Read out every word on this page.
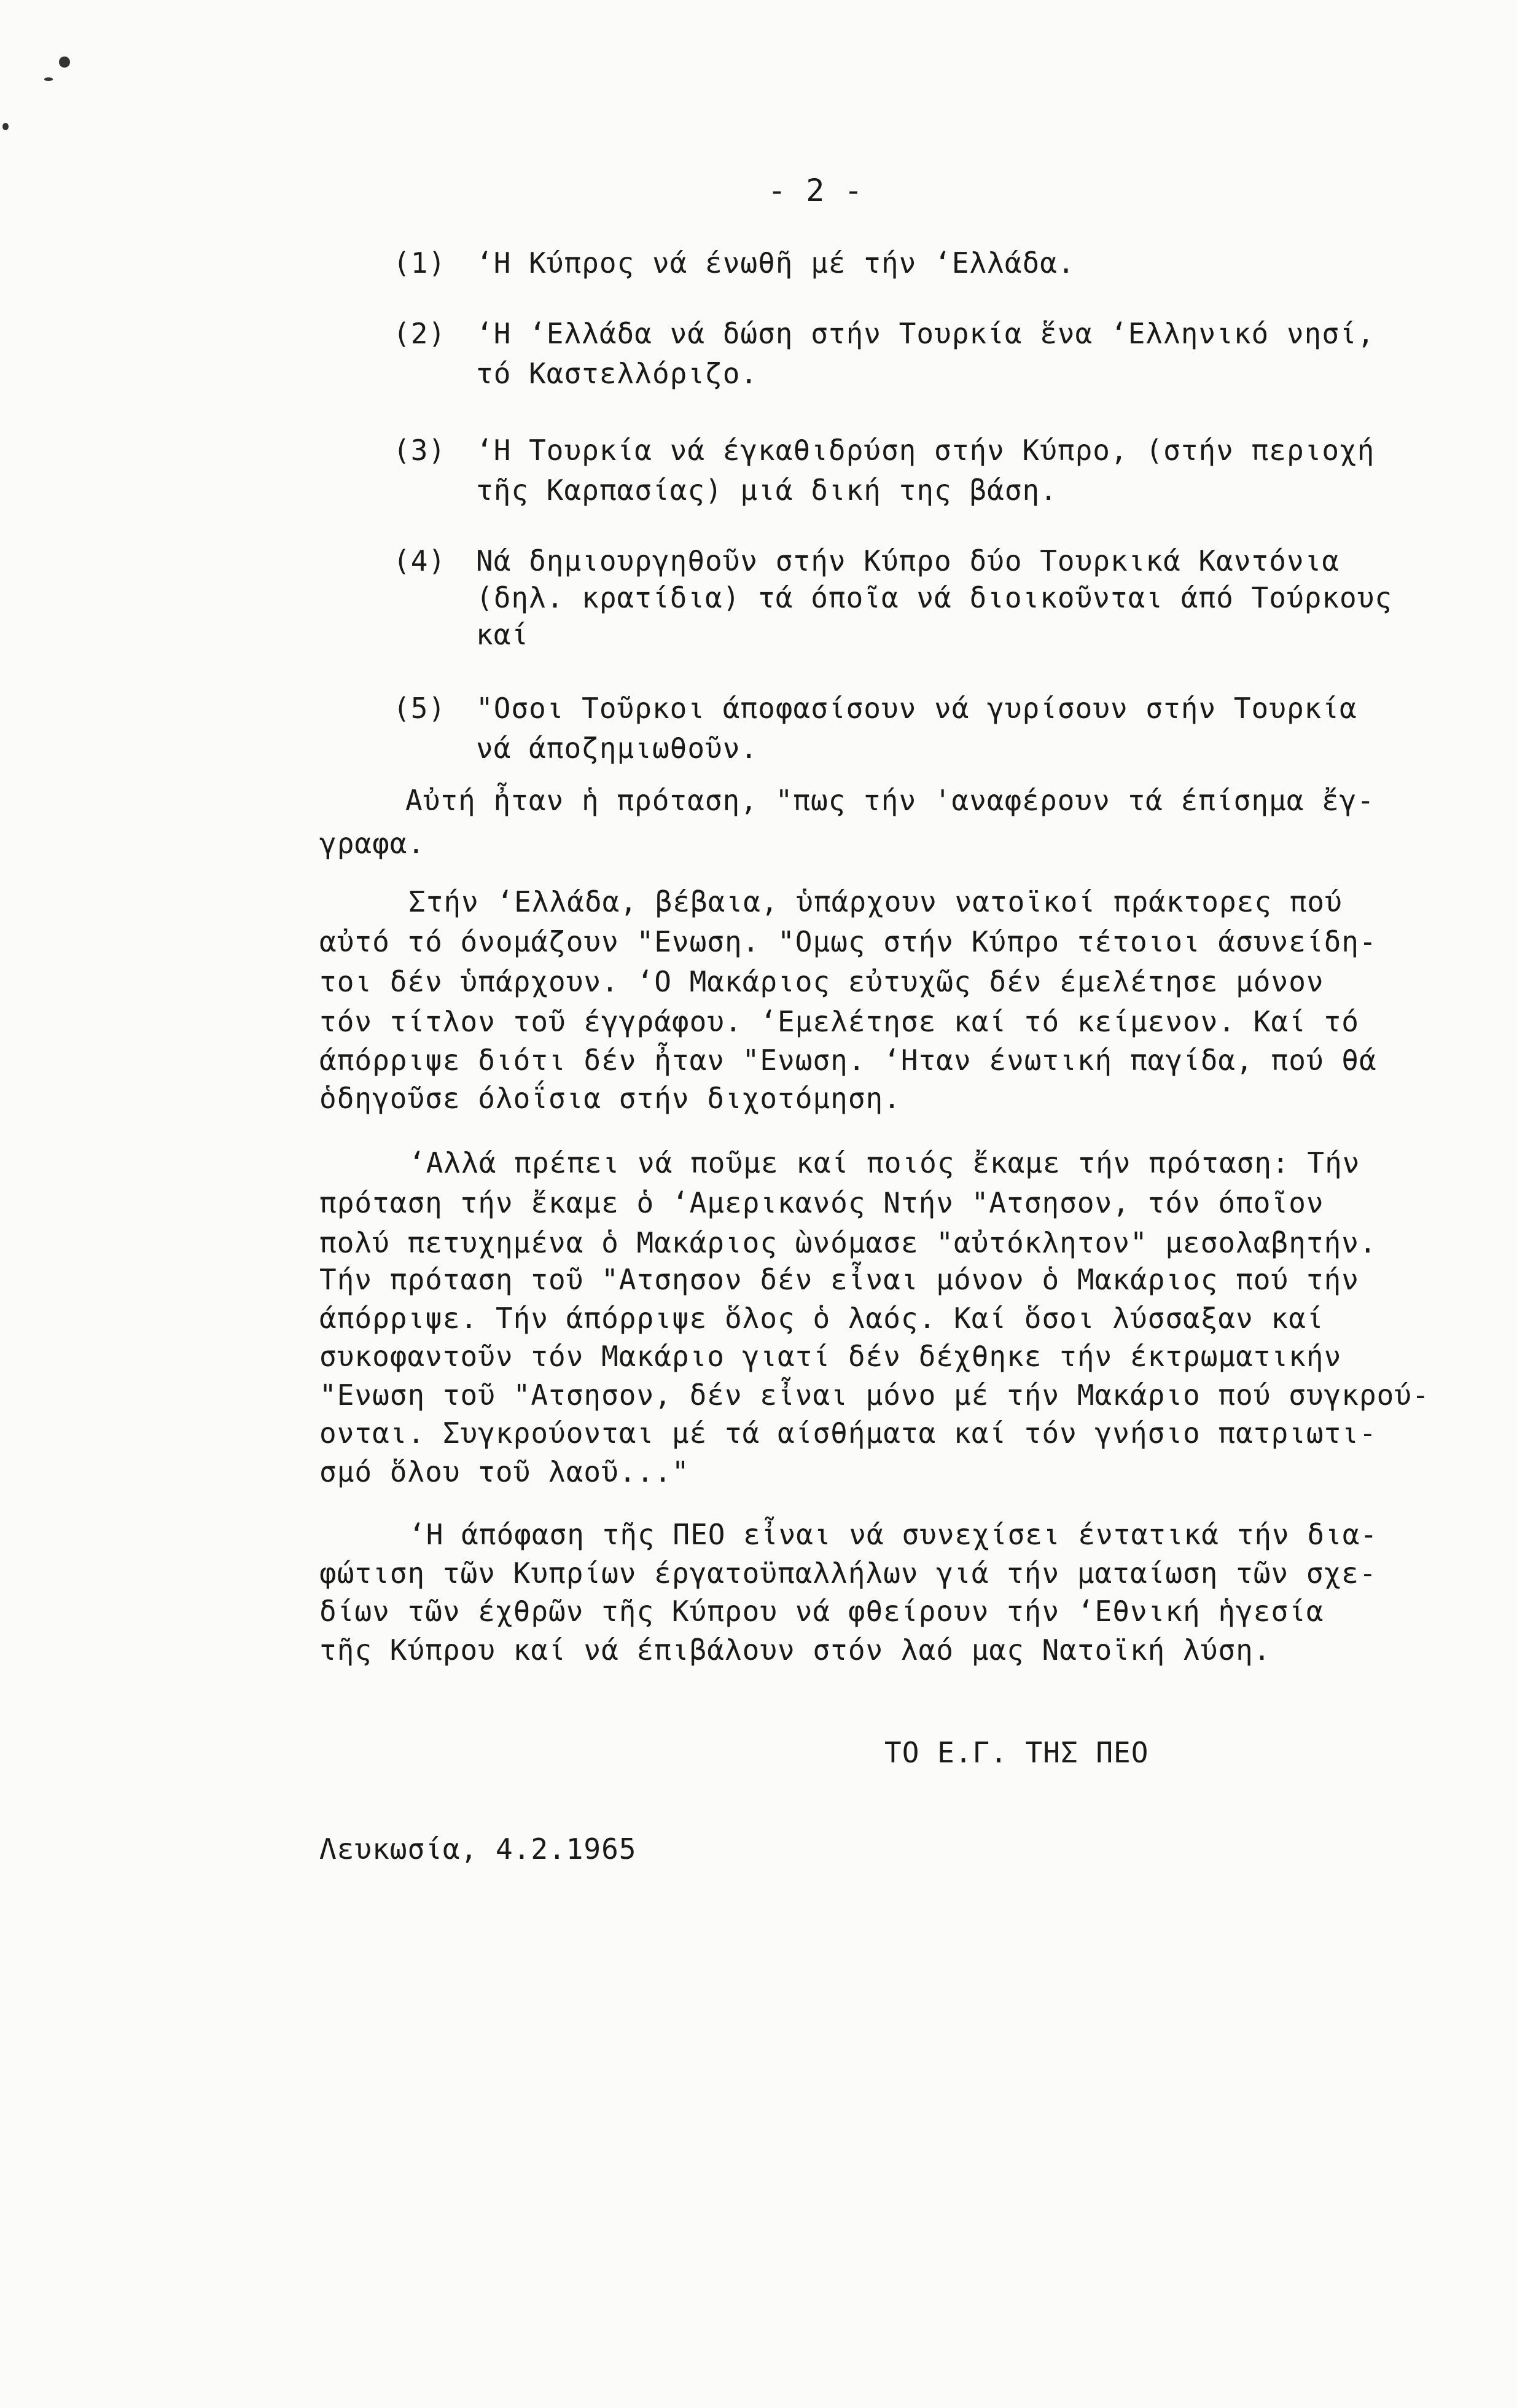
- 2 -
(1) ‘Η Κύπρος νά ένωθῆ μέ τήν ‘Ελλάδα.
(2) ‘Η ‘Ελλάδα νά δώση στήν Τουρκία ἕνα ‘Ελληνικό νησί,
τό Καστελλόριζο.
(3) ‘Η Τουρκία νά έγκαθιδρύση στήν Κύπρο, (στήν περιοχή
τῆς Καρπασίας) μιά δική της βάση.
(4) Νά δημιουργηθοῦν στήν Κύπρο δύο Τουρκικά Καντόνια
(δηλ. κρατίδια) τά όποῖα νά διοικοῦνται άπό Τούρκους
καί
(5) "Οσοι Τοῦρκοι άποφασίσουν νά γυρίσουν στήν Τουρκία
νά άποζημιωθοῦν.
Αὐτή ἦταν ἡ πρόταση, "πως τήν 'αναφέρουν τά έπίσημα ἔγ-
γραφα.
Στήν ‘Ελλάδα, βέβαια, ὑπάρχουν νατοϊκοί πράκτορες πού
αὐτό τό όνομάζουν "Ενωση. "Ομως στήν Κύπρο τέτοιοι άσυνείδη-
τοι δέν ὑπάρχουν. ‘Ο Μακάριος εὐτυχῶς δέν έμελέτησε μόνον
τόν τίτλον τοῦ έγγράφου. ‘Εμελέτησε καί τό κείμενον. Καί τό
άπόρριψε διότι δέν ἦταν "Ενωση. ‘Ηταν ένωτική παγίδα, πού θά
ὁδηγοῦσε όλοΐσια στήν διχοτόμηση.
‘Αλλά πρέπει νά ποῦμε καί ποιός ἔκαμε τήν πρόταση: Τήν
πρόταση τήν ἔκαμε ὁ ‘Αμερικανός Ντήν "Ατσησον, τόν όποῖον
πολύ πετυχημένα ὁ Μακάριος ὼνόμασε "αὐτόκλητον" μεσολαβητήν.
Τήν πρόταση τοῦ "Ατσησον δέν εἶναι μόνον ὁ Μακάριος πού τήν
άπόρριψε. Τήν άπόρριψε ὅλος ὁ λαός. Καί ὅσοι λύσσαξαν καί
συκοφαντοῦν τόν Μακάριο γιατί δέν δέχθηκε τήν έκτρωματικήν
"Ενωση τοῦ "Ατσησον, δέν εἶναι μόνο μέ τήν Μακάριο πού συγκρού-
ονται. Συγκρούονται μέ τά αίσθήματα καί τόν γνήσιο πατριωτι-
σμό ὅλου τοῦ λαοῦ..."
‘Η άπόφαση τῆς ΠΕΟ εἶναι νά συνεχίσει έντατικά τήν δια-
φώτιση τῶν Κυπρίων έργατοϋπαλλήλων γιά τήν ματαίωση τῶν σχε-
δίων τῶν έχθρῶν τῆς Κύπρου νά φθείρουν τήν ‘Εθνική ἡγεσία
τῆς Κύπρου καί νά έπιβάλουν στόν λαό μας Νατοϊκή λύση.
ΤΟ Ε.Γ. ΤΗΣ ΠΕΟ
Λευκωσία, 4.2.1965
